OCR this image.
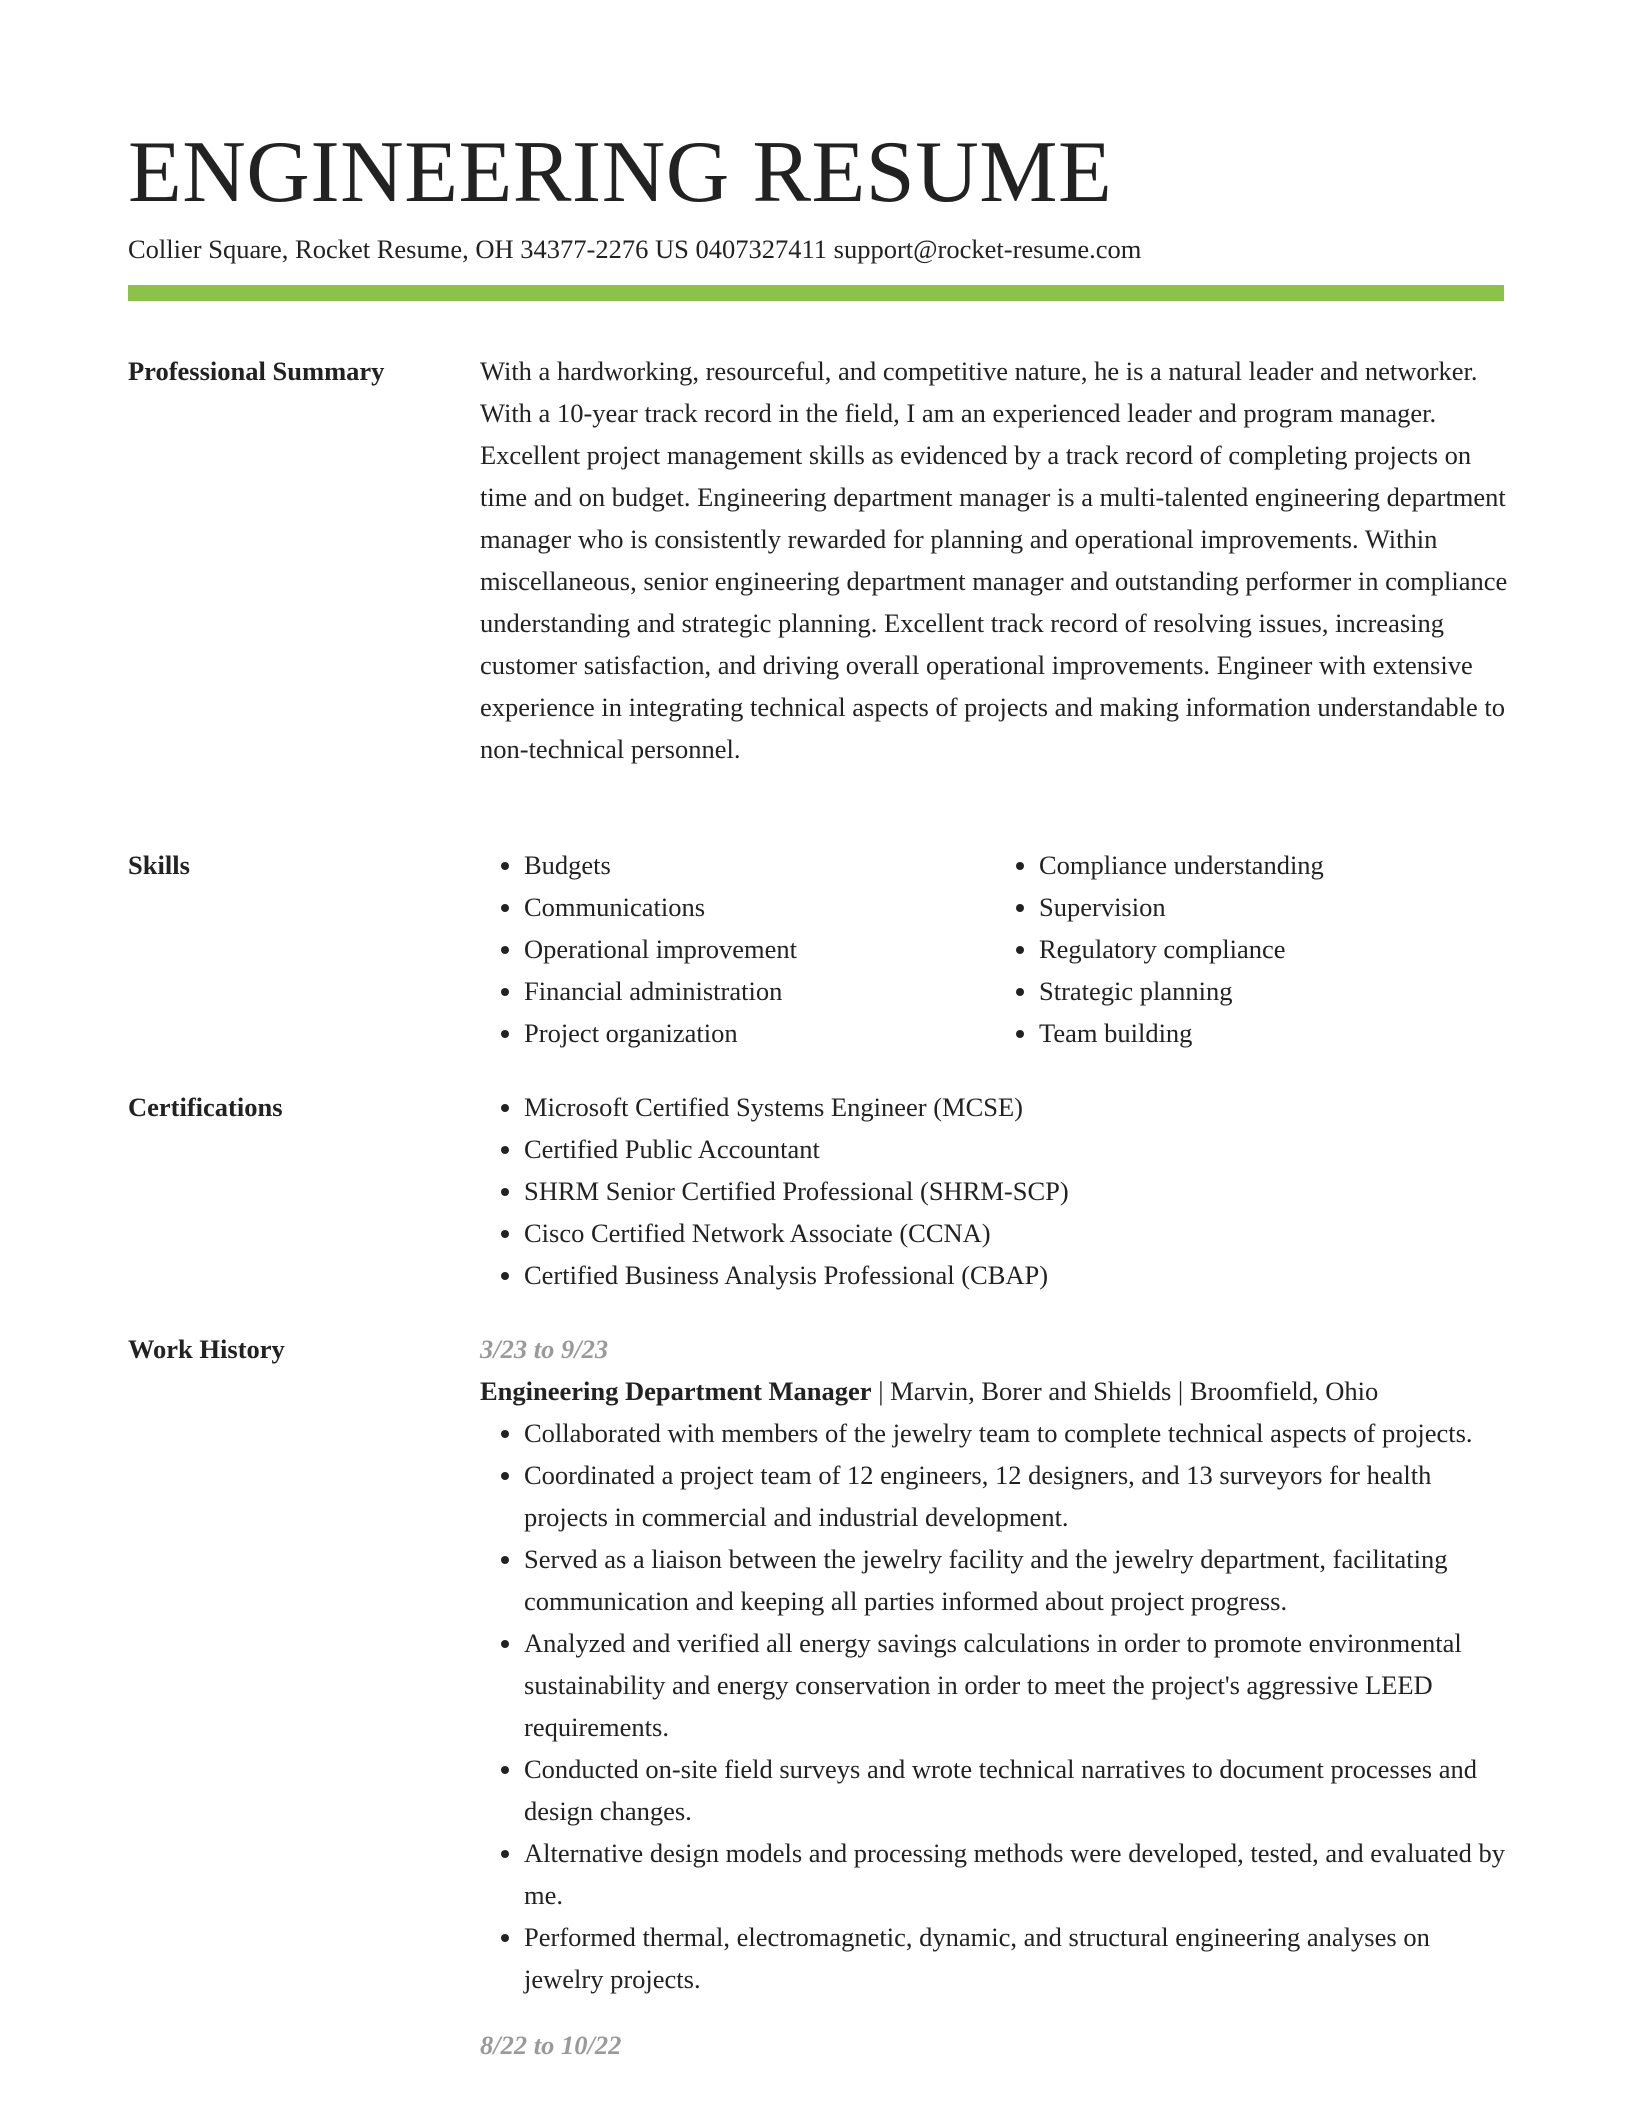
ENGINEERING RESUME
Collier Square, Rocket Resume, OH 34377-2276 US 0407327411 support@rocket-resume.com
Professional Summary	With a hardworking, resourceful, and competitive nature, he is a natural leader and networker. With a 10-year track record in the field, I am an experienced leader and program manager. Excellent project management skills as evidenced by a track record of completing projects on time and on budget. Engineering department manager is a multi-talented engineering department manager who is consistently rewarded for planning and operational improvements. Within miscellaneous, senior engineering department manager and outstanding performer in compliance understanding and strategic planning. Excellent track record of resolving issues, increasing customer satisfaction, and driving overall operational improvements. Engineer with extensive experience in integrating technical aspects of projects and making information understandable to non-technical personnel.

Skills	• Budgets
• Communications
• Operational improvement
• Financial administration
• Project organization
• Compliance understanding
• Supervision
• Regulatory compliance
• Strategic planning
• Team building
Certifications	• Microsoft Certified Systems Engineer (MCSE)
• Certified Public Accountant
• SHRM Senior Certified Professional (SHRM-SCP)
• Cisco Certified Network Associate (CCNA)
• Certified Business Analysis Professional (CBAP)
Work History	3/23 to 9/23
Engineering Department Manager | Marvin, Borer and Shields | Broomfield, Ohio
• Collaborated with members of the jewelry team to complete technical aspects of projects.
• Coordinated a project team of 12 engineers, 12 designers, and 13 surveyors for health projects in commercial and industrial development.
• Served as a liaison between the jewelry facility and the jewelry department, facilitating communication and keeping all parties informed about project progress.
• Analyzed and verified all energy savings calculations in order to promote environmental sustainability and energy conservation in order to meet the project's aggressive LEED requirements.
• Conducted on-site field surveys and wrote technical narratives to document processes and design changes.
• Alternative design models and processing methods were developed, tested, and evaluated by me.
• Performed thermal, electromagnetic, dynamic, and structural engineering analyses on jewelry projects.
8/22 to 10/22
